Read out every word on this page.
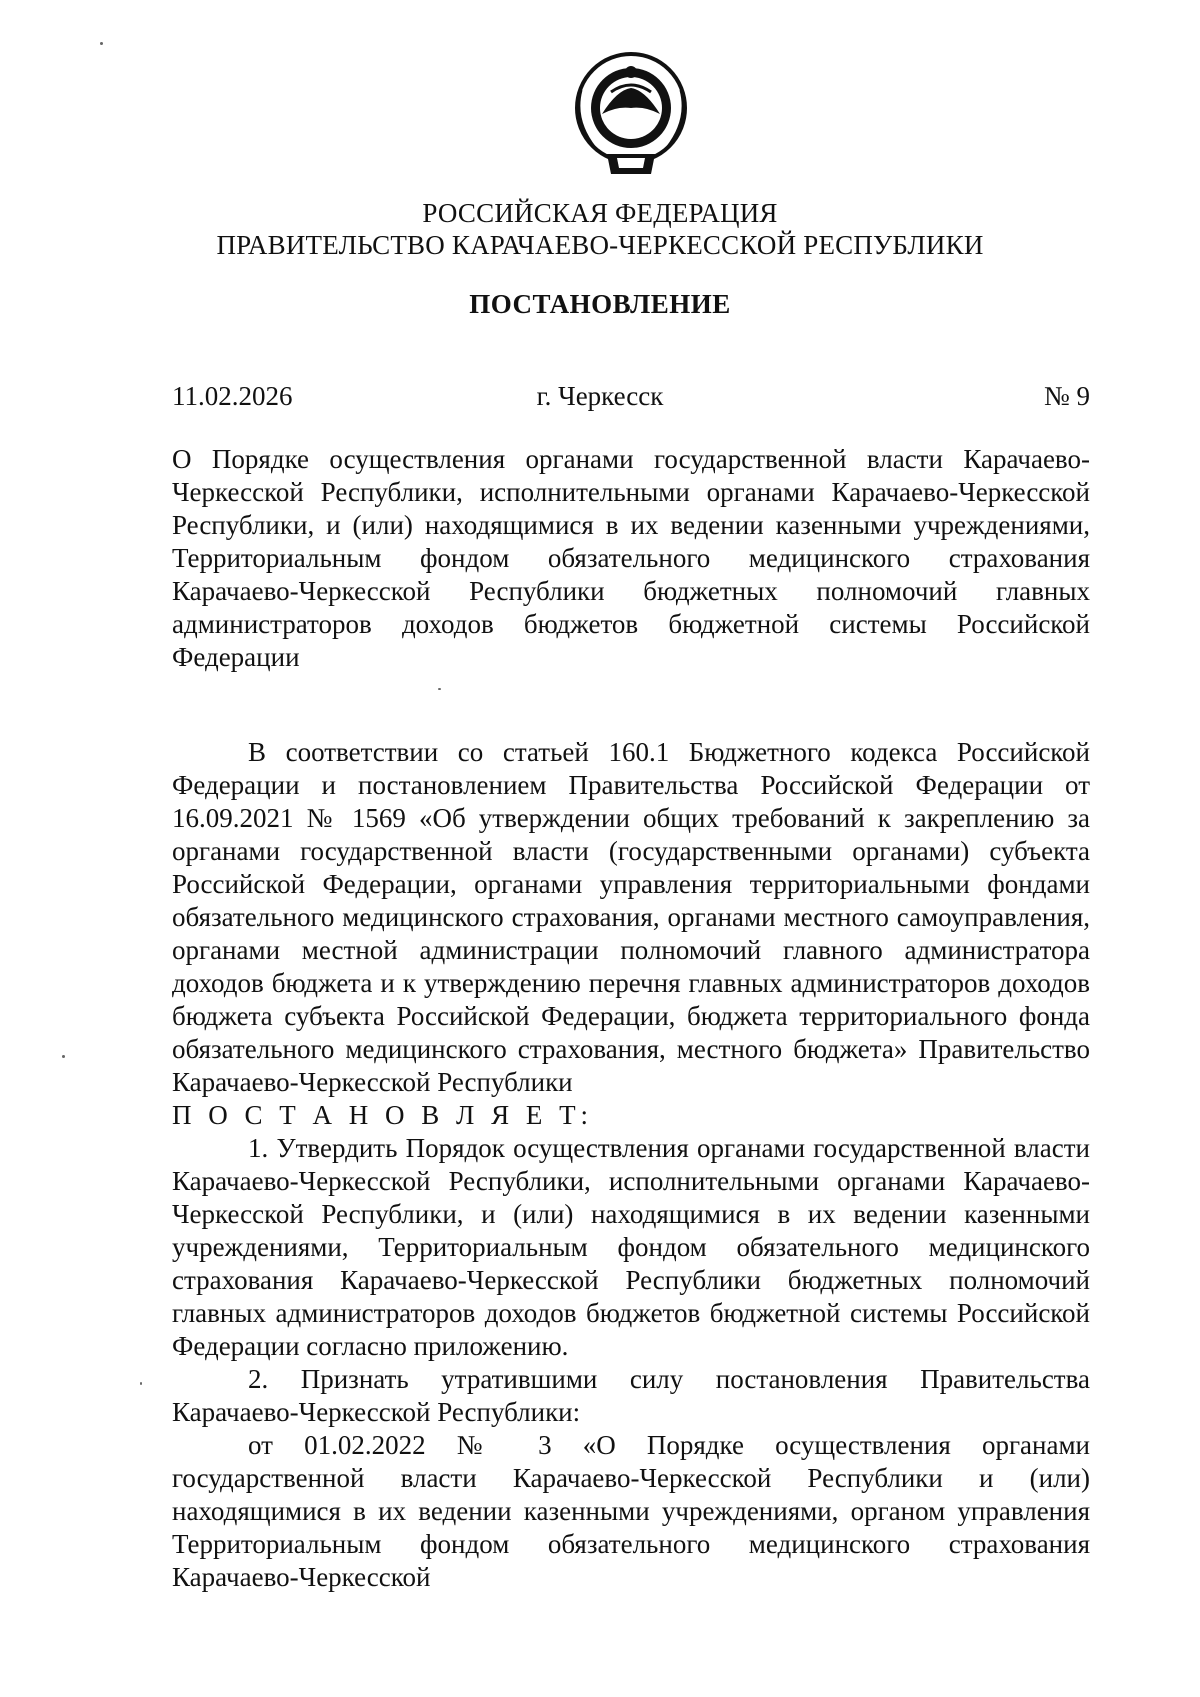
РОССИЙСКАЯ ФЕДЕРАЦИЯ
ПРАВИТЕЛЬСТВО КАРАЧАЕВО-ЧЕРКЕССКОЙ РЕСПУБЛИКИ
ПОСТАНОВЛЕНИЕ
11.02.2026	г. Черкесск	№ 9

О Порядке осуществления органами государственной власти Карачаево-Черкесской Республики, исполнительными органами Карачаево-Черкесской Республики, и (или) находящимися в их ведении казенными учреждениями, Территориальным фондом обязательного медицинского страхования Карачаево-Черкесской Республики бюджетных полномочий главных администраторов доходов бюджетов бюджетной системы Российской Федерации

В соответствии со статьей 160.1 Бюджетного кодекса Российской Федерации и постановлением Правительства Российской Федерации от 16.09.2021 № 1569 «Об утверждении общих требований к закреплению за органами государственной власти (государственными органами) субъекта Российской Федерации, органами управления территориальными фондами обязательного медицинского страхования, органами местного самоуправления, органами местной администрации полномочий главного администратора доходов бюджета и к утверждению перечня главных администраторов доходов бюджета субъекта Российской Федерации, бюджета территориального фонда обязательного медицинского страхования, местного бюджета» Правительство Карачаево-Черкесской Республики

П О С Т А Н О В Л Я Е Т:

1. Утвердить Порядок осуществления органами государственной власти Карачаево-Черкесской Республики, исполнительными органами Карачаево-Черкесской Республики, и (или) находящимися в их ведении казенными учреждениями, Территориальным фондом обязательного медицинского страхования Карачаево-Черкесской Республики бюджетных полномочий главных администраторов доходов бюджетов бюджетной системы Российской Федерации согласно приложению.

2. Признать утратившими силу постановления Правительства Карачаево-Черкесской Республики:

от 01.02.2022 № 3 «О Порядке осуществления органами государственной власти Карачаево-Черкесской Республики и (или) находящимися в их ведении казенными учреждениями, органом управления Территориальным фондом обязательного медицинского страхования Карачаево-Черкесской
